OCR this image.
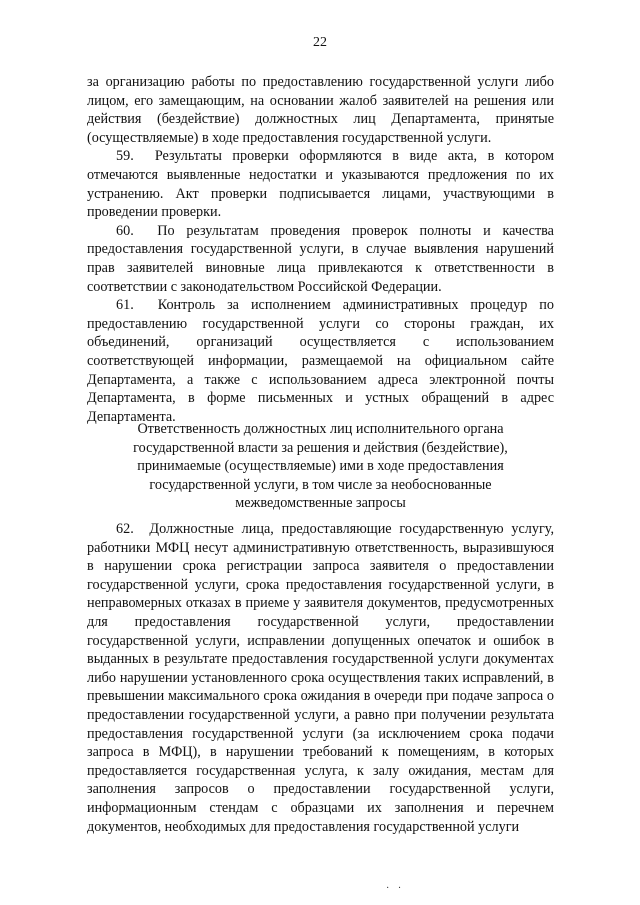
22

за организацию работы по предоставлению государственной услуги либо лицом, его замещающим, на основании жалоб заявителей на решения или действия (бездействие) должностных лиц Департамента, принятые (осуществляемые) в ходе предоставления государственной услуги.

59.  Результаты проверки оформляются в виде акта, в котором отмечаются выявленные недостатки и указываются предложения по их устранению. Акт проверки подписывается лицами, участвующими в проведении проверки.

60.  По результатам проведения проверок полноты и качества предоставления государственной услуги, в случае выявления нарушений прав заявителей виновные лица привлекаются к ответственности в соответствии с законодательством Российской Федерации.

61.  Контроль за исполнением административных процедур по предоставлению государственной услуги со стороны граждан, их объединений, организаций осуществляется с использованием соответствующей информации, размещаемой на официальном сайте Департамента, а также с использованием адреса электронной почты Департамента, в форме письменных и устных обращений в адрес Департамента.

Ответственность должностных лиц исполнительного органа

государственной власти за решения и действия (бездействие),

принимаемые (осуществляемые) ими в ходе предоставления

государственной услуги, в том числе за необоснованные

межведомственные запросы

62.  Должностные лица, предоставляющие государственную услугу, работники МФЦ несут административную ответственность, выразившуюся в нарушении срока регистрации запроса заявителя о предоставлении государственной услуги, срока предоставления государственной услуги, в неправомерных отказах в приеме у заявителя документов, предусмотренных для предоставления государственной услуги, предоставлении государственной услуги, исправлении допущенных опечаток и ошибок в выданных в результате предоставления государственной услуги документах либо нарушении установленного срока осуществления таких исправлений, в превышении максимального срока ожидания в очереди при подаче запроса о предоставлении государственной услуги, а равно при получении результата предоставления государственной услуги (за исключением срока подачи запроса в МФЦ), в нарушении требований к помещениям, в которых предоставляется государственная услуга, к залу ожидания, местам для заполнения запросов о предоставлении государственной услуги, информационным стендам с образцами их заполнения и перечнем документов, необходимых для предоставления государственной услуги

· ·
